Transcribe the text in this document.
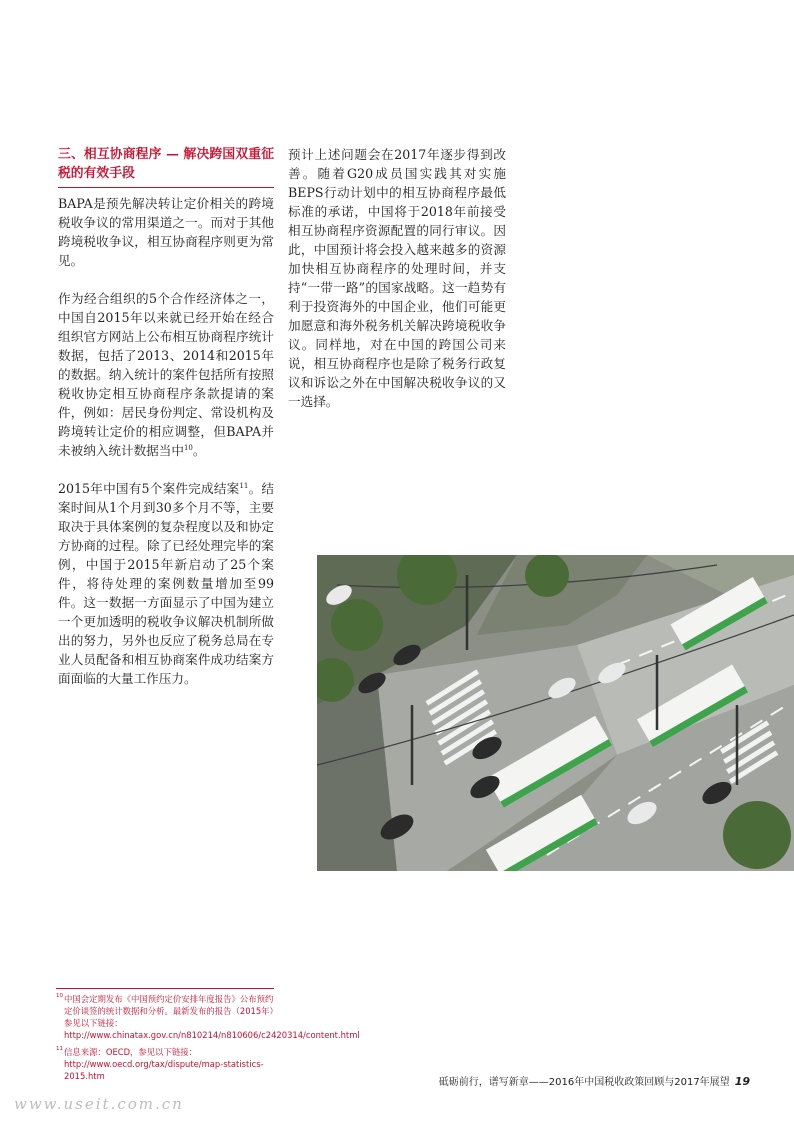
三、相互协商程序 — 解决跨国双重征税的有效手段

BAPA是预先解决转让定价相关的跨境税收争议的常用渠道之一。而对于其他跨境税收争议，相互协商程序则更为常见。

作为经合组织的5个合作经济体之一，中国自2015年以来就已经开始在经合组织官方网站上公布相互协商程序统计数据，包括了2013、2014和2015年的数据。纳入统计的案件包括所有按照税收协定相互协商程序条款提请的案件，例如：居民身份判定、常设机构及跨境转让定价的相应调整，但BAPA并未被纳入统计数据当中$^{10}$。

2015年中国有5个案件完成结案$^{11}$。结案时间从1个月到30多个月不等，主要取决于具体案例的复杂程度以及和协定方协商的过程。除了已经处理完毕的案例，中国于2015年新启动了25个案件，将待处理的案例数量增加至99件。这一数据一方面显示了中国为建立一个更加透明的税收争议解决机制所做出的努力，另外也反应了税务总局在专业人员配备和相互协商案件成功结案方面面临的大量工作压力。

预计上述问题会在2017年逐步得到改善。随着G20成员国实践其对实施BEPS行动计划中的相互协商程序最低标准的承诺，中国将于2018年前接受相互协商程序资源配置的同行审议。因此，中国预计将会投入越来越多的资源加快相互协商程序的处理时间，并支持“一带一路”的国家战略。这一趋势有利于投资海外的中国企业，他们可能更加愿意和海外税务机关解决跨境税收争议。同样地，对在中国的跨国公司来说，相互协商程序也是除了税务行政复议和诉讼之外在中国解决税收争议的又一选择。

10 中国会定期发布《中国预约定价安排年度报告》公布预约定价谈签的统计数据和分析。最新发布的报告（2015年）参见以下链接：http://www.chinatax.gov.cn/n810214/n810606/c2420314/content.html
11 信息来源：OECD，参见以下链接：http://www.oecd.org/tax/dispute/map-statistics-2015.htm
砥砺前行，谱写新章——2016年中国税收政策回顾与2017年展望 19
www.useit.com.cn
